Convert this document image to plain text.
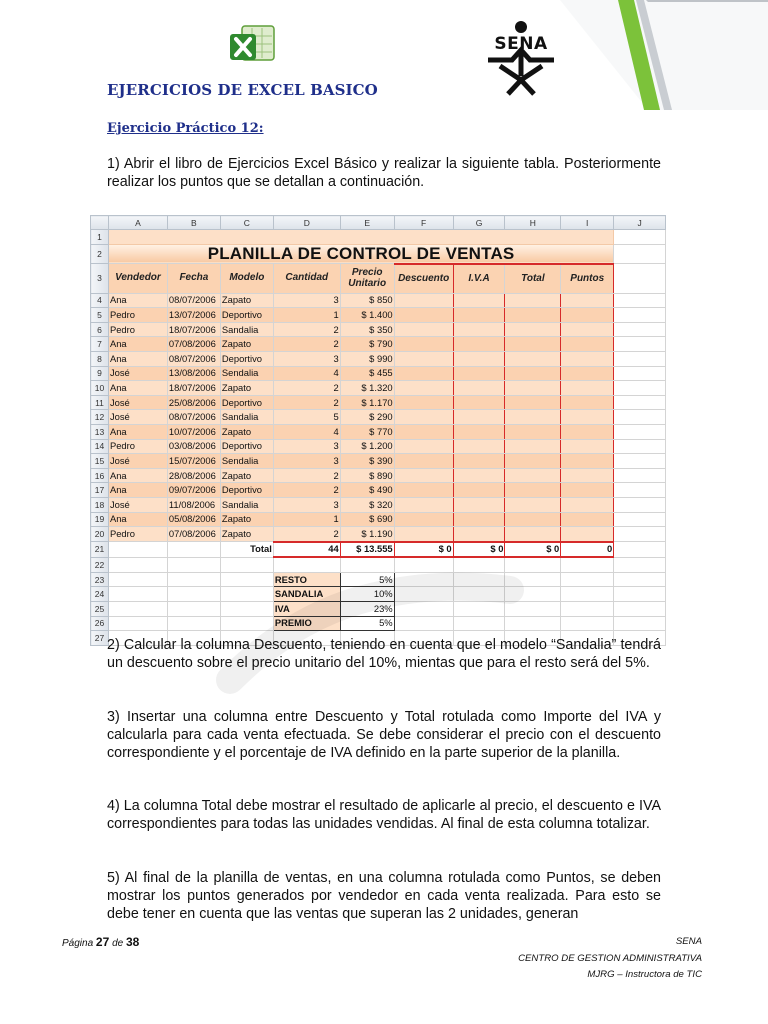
SENA
EJERCICIOS DE EXCEL BASICO
Ejercicio Práctico 12:
1) Abrir el libro de Ejercicios Excel Básico y realizar la siguiente tabla. Posteriormente realizar los puntos que se detallan a continuación.
	A	B	C	D	E	F	G	H	I	J
1										
2	PLANILLA DE CONTROL DE VENTAS									
3	Vendedor	Fecha	Modelo	Cantidad	Precio Unitario	Descuento	I.V.A	Total	Puntos	
4	Ana	08/07/2006	Zapato	3	$ 850					
5	Pedro	13/07/2006	Deportivo	1	$ 1.400					
6	Pedro	18/07/2006	Sandalia	2	$ 350					
7	Ana	07/08/2006	Zapato	2	$ 790					
8	Ana	08/07/2006	Deportivo	3	$ 990					
9	José	13/08/2006	Sendalia	4	$ 455					
10	Ana	18/07/2006	Zapato	2	$ 1.320					
11	José	25/08/2006	Deportivo	2	$ 1.170					
12	José	08/07/2006	Sandalia	5	$ 290					
13	Ana	10/07/2006	Zapato	4	$ 770					
14	Pedro	03/08/2006	Deportivo	3	$ 1.200					
15	José	15/07/2006	Sendalia	3	$ 390					
16	Ana	28/08/2006	Zapato	2	$ 890					
17	Ana	09/07/2006	Deportivo	2	$ 490					
18	José	11/08/2006	Sandalia	3	$ 320					
19	Ana	05/08/2006	Zapato	1	$ 690					
20	Pedro	07/08/2006	Zapato	2	$ 1.190					
21			Total	44	$ 13.555	$ 0	$ 0	$ 0	0	
22										
23				RESTO	5%					
24				SANDALIA	10%					
25				IVA	23%					
26				PREMIO	5%					
27										2) Calcular la columna Descuento, teniendo en cuenta que el modelo “Sandalia” tendrá un descuento sobre el precio unitario del 10%, mientas que para el resto será del 5%.
3) Insertar una columna entre Descuento y Total rotulada como Importe del IVA y calcularla para cada venta efectuada. Se debe considerar el precio con el descuento correspondiente y el porcentaje de IVA definido en la parte superior de la planilla.
4) La columna Total debe mostrar el resultado de aplicarle al precio, el descuento e IVA correspondientes para todas las unidades vendidas. Al final de esta columna totalizar.
5) Al final de la planilla de ventas, en una columna rotulada como Puntos, se deben mostrar los puntos generados por vendedor en cada venta realizada. Para esto se debe tener en cuenta que las ventas que superan las 2 unidades, generan
Página 27 de 38	SENA
CENTRO DE GESTION ADMINISTRATIVA
MJRG – Instructora de TIC
